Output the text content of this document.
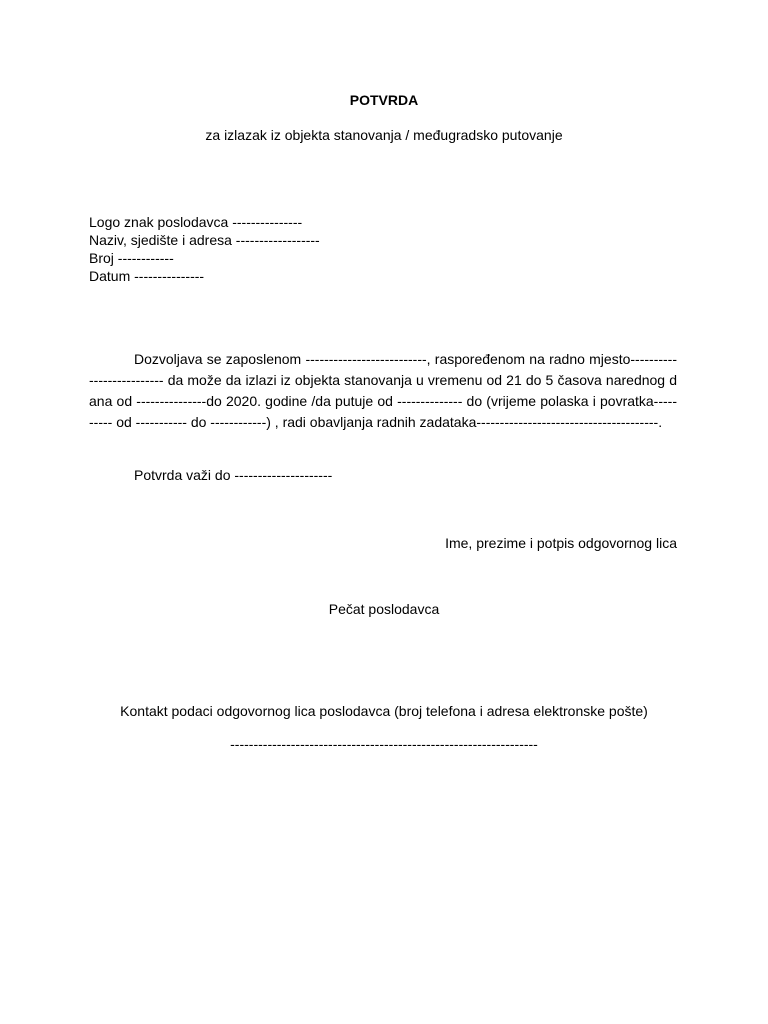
POTVRDA

za izlazak iz objekta stanovanja / međugradsko putovanje

Logo znak poslodavca ---------------
Naziv, sjedište i adresa ------------------
Broj ------------
Datum ---------------

Dozvoljava se zaposlenom --------------------------, raspoređenom na radno mjesto-------------------------- da može da izlazi iz objekta stanovanja u vremenu od 21 do 5 časova narednog dana od ---------------do 2020. godine /da putuje od -------------- do (vrijeme polaska i povratka---------- od ----------- do ------------) , radi obavljanja radnih zadataka---------------------------------------.

Potvrda važi do ---------------------

Ime, prezime i potpis odgovornog lica

Pečat poslodavca

Kontakt podaci odgovornog lica poslodavca (broj telefona i adresa elektronske pošte)

------------------------------------------------------------------
